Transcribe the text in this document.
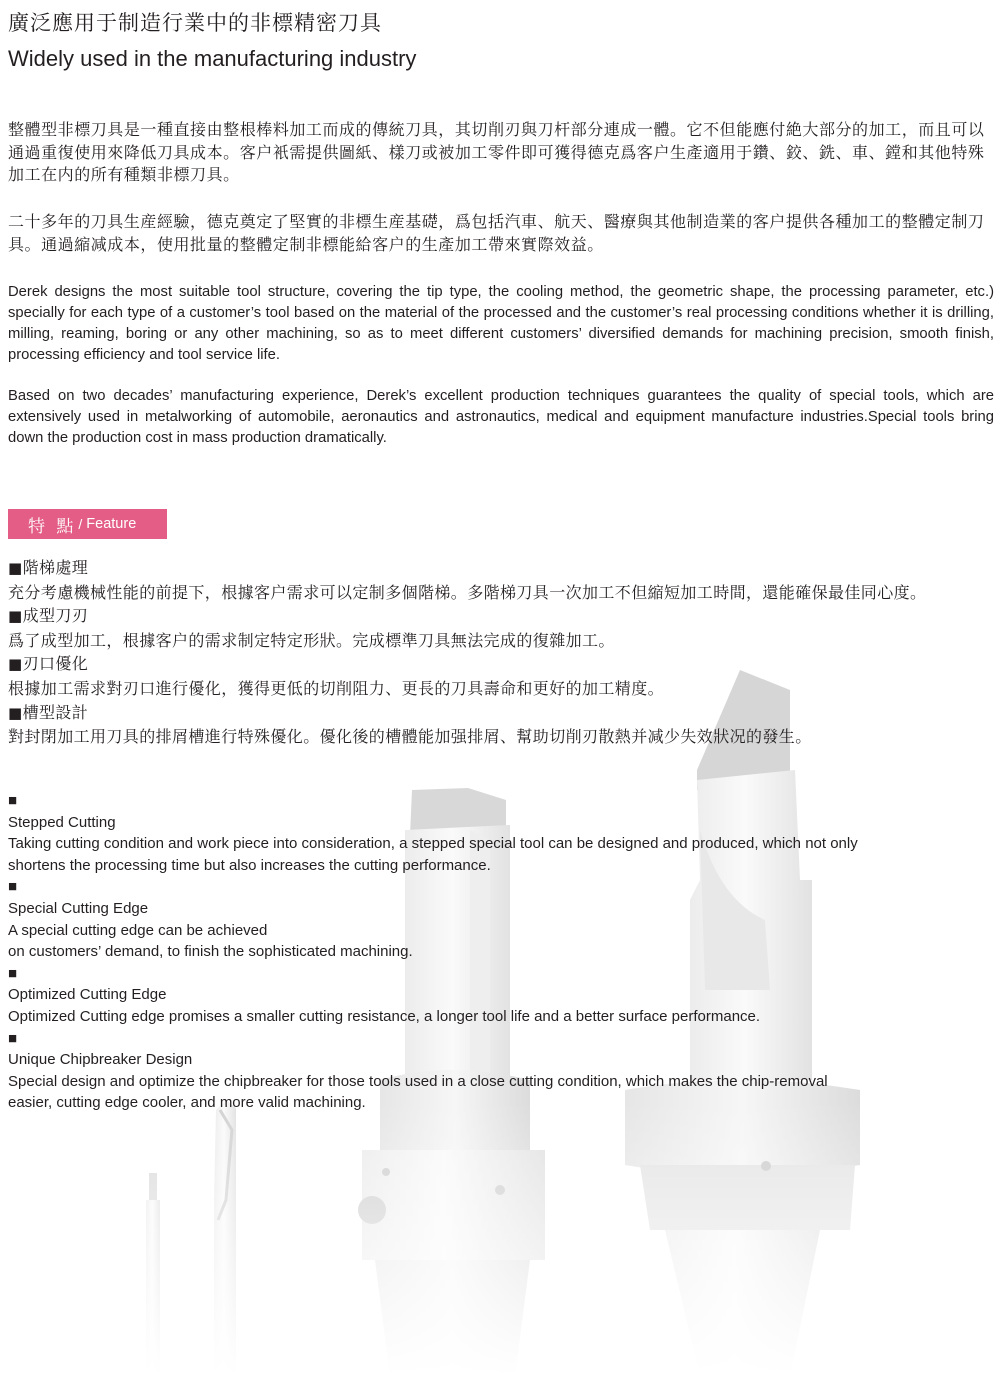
廣泛應用于制造行業中的非標精密刀具
Widely used in the manufacturing industry
整體型非標刀具是一種直接由整根棒料加工而成的傳統刀具，其切削刃與刀杆部分連成一體。它不但能應付絶大部分的加工，而且可以通過重復使用來降低刀具成本。客户衹需提供圖紙、樣刀或被加工零件即可獲得德克爲客户生產適用于鑽、鉸、銑、車、鏜和其他特殊加工在内的所有種類非標刀具。
二十多年的刀具生産經驗，德克奠定了堅實的非標生産基礎，爲包括汽車、航天、醫療與其他制造業的客户提供各種加工的整體定制刀具。通過縮减成本，使用批量的整體定制非標能給客户的生產加工帶來實際效益。
Derek designs the most suitable tool structure, covering the tip type, the cooling method, the geometric shape, the processing parameter, etc.) specially for each type of a customer’s tool based on the material of the processed and the customer’s real processing conditions whether it is drilling, milling, reaming, boring or any other machining, so as to meet different customers’ diversified demands for machining precision, smooth finish, processing efficiency and tool service life.
Based on two decades’ manufacturing experience, Derek’s excellent production techniques guarantees the quality of special tools, which are extensively used in metalworking of automobile, aeronautics and astronautics, medical and equipment manufacture industries.Special tools bring down the production cost in mass production dramatically.
特 點 / Feature
■階梯處理
充分考慮機械性能的前提下，根據客户需求可以定制多個階梯。多階梯刀具一次加工不但縮短加工時間，還能確保最佳同心度。
■成型刀刃
爲了成型加工，根據客户的需求制定特定形狀。完成標準刀具無法完成的復雜加工。
■刃口優化
根據加工需求對刃口進行優化，獲得更低的切削阻力、更長的刀具壽命和更好的加工精度。
■槽型設計
對封閉加工用刀具的排屑槽進行特殊優化。優化後的槽體能加强排屑、幫助切削刃散熱并减少失效狀况的發生。
■
Stepped Cutting
Taking cutting condition and work piece into consideration, a stepped special tool can be designed and produced, which not only
shortens the processing time but also increases the cutting performance.
■
Special Cutting Edge
A special cutting edge can be achieved
on customers’ demand, to finish the sophisticated machining.
■
Optimized Cutting Edge
Optimized Cutting edge promises a smaller cutting resistance, a longer tool life and a better surface performance.
■
Unique Chipbreaker Design
Special design and optimize the chipbreaker for those tools used in a close cutting condition, which makes the chip-removal
easier, cutting edge cooler, and more valid machining.
